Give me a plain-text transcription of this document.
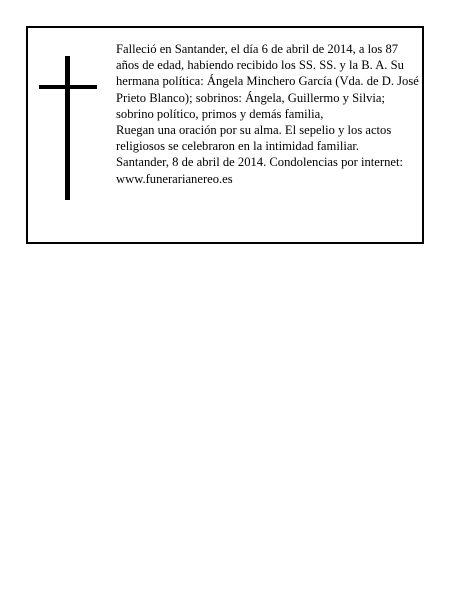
Falleció en Santander, el día 6 de abril de 2014, a los 87 años de edad, habiendo recibido los SS. SS. y la B. A. Su hermana política: Ángela Minchero García (Vda. de D. José Prieto Blanco); sobrinos: Ángela, Guillermo y Silvia; sobrino político, primos y demás familia,

Ruegan una oración por su alma. El sepelio y los actos religiosos se celebraron en la intimidad familiar.

Santander, 8 de abril de 2014. Condolencias por internet: www.funerarianereo.es
